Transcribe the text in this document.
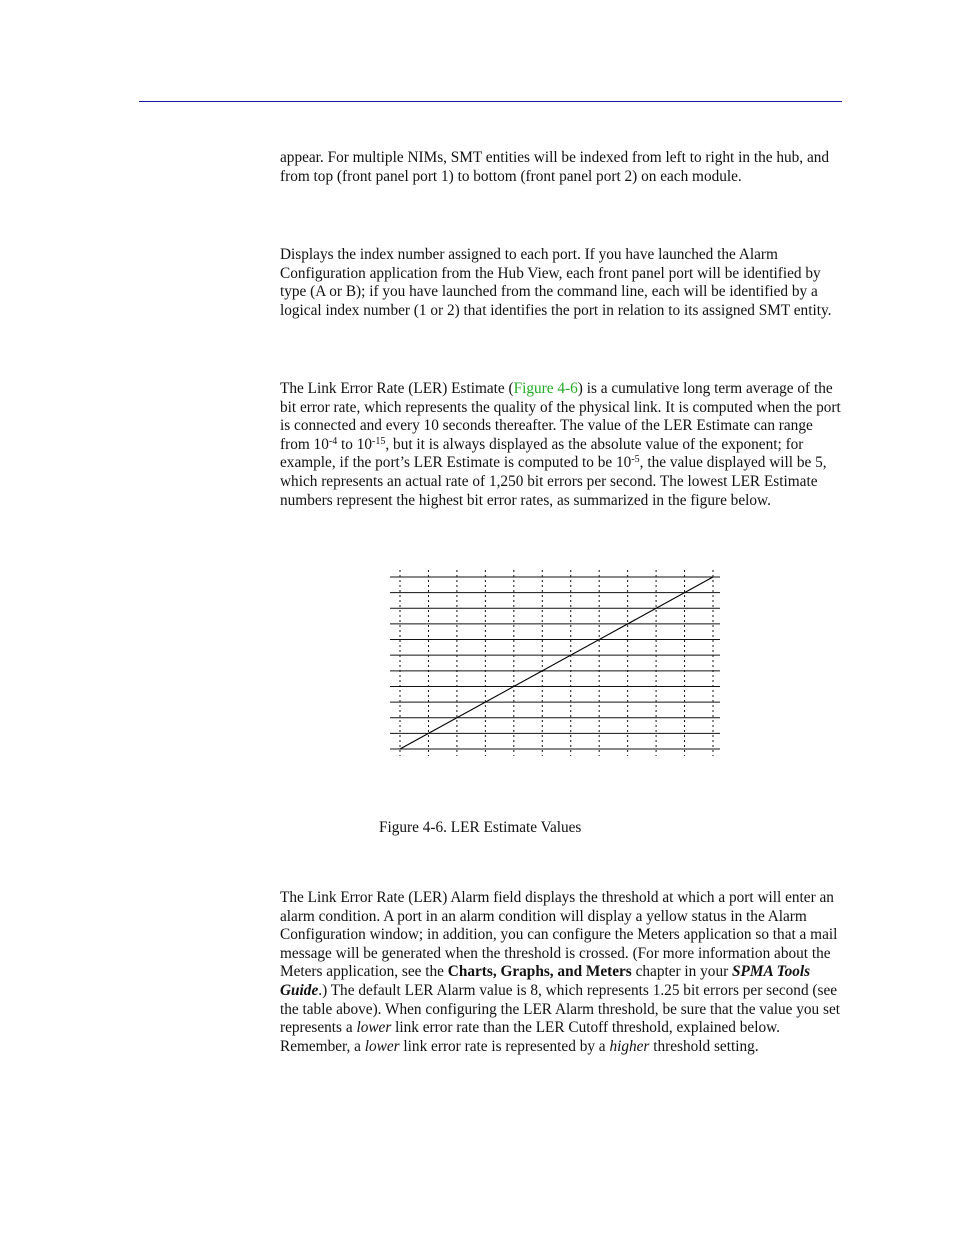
appear. For multiple NIMs, SMT entities will be indexed from left to right in the hub, and from top (front panel port 1) to bottom (front panel port 2) on each module.

Displays the index number assigned to each port. If you have launched the Alarm Configuration application from the Hub View, each front panel port will be identified by type (A or B); if you have launched from the command line, each will be identified by a logical index number (1 or 2) that identifies the port in relation to its assigned SMT entity.

The Link Error Rate (LER) Estimate (Figure 4-6) is a cumulative long term average of the bit error rate, which represents the quality of the physical link. It is computed when the port is connected and every 10 seconds thereafter. The value of the LER Estimate can range from $10^{-4}$ to $10^{-15}$, but it is always displayed as the absolute value of the exponent; for example, if the port’s LER Estimate is computed to be $10^{-5}$, the value displayed will be 5, which represents an actual rate of 1,250 bit errors per second. The lowest LER Estimate numbers represent the highest bit error rates, as summarized in the figure below.

Figure 4-6. LER Estimate Values

The Link Error Rate (LER) Alarm field displays the threshold at which a port will enter an alarm condition. A port in an alarm condition will display a yellow status in the Alarm Configuration window; in addition, you can configure the Meters application so that a mail message will be generated when the threshold is crossed. (For more information about the Meters application, see the Charts, Graphs, and Meters chapter in your SPMA Tools Guide.) The default LER Alarm value is 8, which represents 1.25 bit errors per second (see the table above). When configuring the LER Alarm threshold, be sure that the value you set represents a lower link error rate than the LER Cutoff threshold, explained below. Remember, a lower link error rate is represented by a higher threshold setting.
